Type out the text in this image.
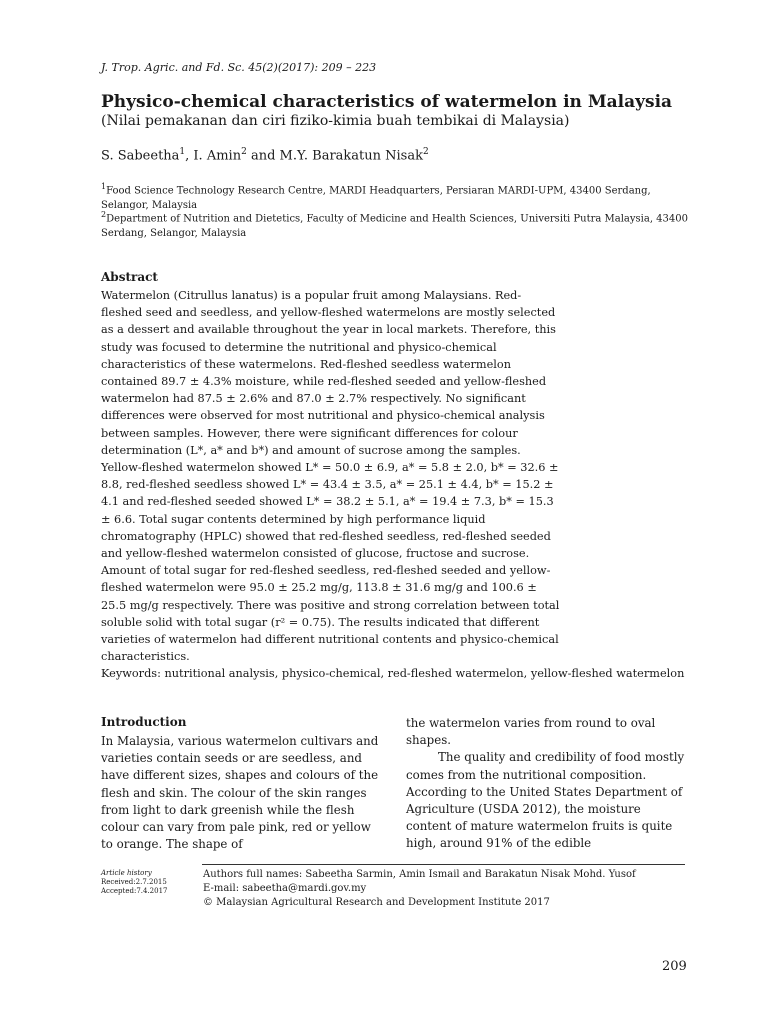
J. Trop. Agric. and Fd. Sc. 45(2)(2017): 209 – 223
Physico-chemical characteristics of watermelon in Malaysia
(Nilai pemakanan dan ciri fiziko-kimia buah tembikai di Malaysia)
S. Sabeetha$^1$, I. Amin$^2$ and M.Y. Barakatun Nisak$^2$
$^1$Food Science Technology Research Centre, MARDI Headquarters, Persiaran MARDI-UPM, 43400 Serdang, Selangor, Malaysia
$^2$Department of Nutrition and Dietetics, Faculty of Medicine and Health Sciences, Universiti Putra Malaysia, 43400 Serdang, Selangor, Malaysia
Abstract
Watermelon (Citrullus lanatus) is a popular fruit among Malaysians. Red-fleshed seed and seedless, and yellow-fleshed watermelons are mostly selected as a dessert and available throughout the year in local markets. Therefore, this study was focused to determine the nutritional and physico-chemical characteristics of these watermelons. Red-fleshed seedless watermelon contained 89.7 ± 4.3% moisture, while red-fleshed seeded and yellow-fleshed watermelon had 87.5 ± 2.6% and 87.0 ± 2.7% respectively. No significant differences were observed for most nutritional and physico-chemical analysis between samples. However, there were significant differences for colour determination (L*, a* and b*) and amount of sucrose among the samples. Yellow-fleshed watermelon showed L* = 50.0 ± 6.9, a* = 5.8 ± 2.0, b* = 32.6 ± 8.8, red-fleshed seedless showed L* = 43.4 ± 3.5, a* = 25.1 ± 4.4, b* = 15.2 ± 4.1 and red-fleshed seeded showed L* = 38.2 ± 5.1, a* = 19.4 ± 7.3, b* = 15.3 ± 6.6. Total sugar contents determined by high performance liquid chromatography (HPLC) showed that red-fleshed seedless, red-fleshed seeded and yellow-fleshed watermelon consisted of glucose, fructose and sucrose. Amount of total sugar for red-fleshed seedless, red-fleshed seeded and yellow-fleshed watermelon were 95.0 ± 25.2 mg/g, 113.8 ± 31.6 mg/g and 100.6 ± 25.5 mg/g respectively. There was positive and strong correlation between total soluble solid with total sugar (r² = 0.75). The results indicated that different varieties of watermelon had different nutritional contents and physico-chemical characteristics.
Keywords: nutritional analysis, physico-chemical, red-fleshed watermelon, yellow-fleshed watermelon
Introduction
In Malaysia, various watermelon cultivars and varieties contain seeds or are seedless, and have different sizes, shapes and colours of the flesh and skin. The colour of the skin ranges from light to dark greenish while the flesh colour can vary from pale pink, red or yellow to orange. The shape of
the watermelon varies from round to oval shapes.
The quality and credibility of food mostly comes from the nutritional composition. According to the United States Department of Agriculture (USDA 2012), the moisture content of mature watermelon fruits is quite high, around 91% of the edible
Article history
Received:2.7.2015
Accepted:7.4.2017
Authors full names: Sabeetha Sarmin, Amin Ismail and Barakatun Nisak Mohd. Yusof
E-mail: sabeetha@mardi.gov.my
© Malaysian Agricultural Research and Development Institute 2017
209
